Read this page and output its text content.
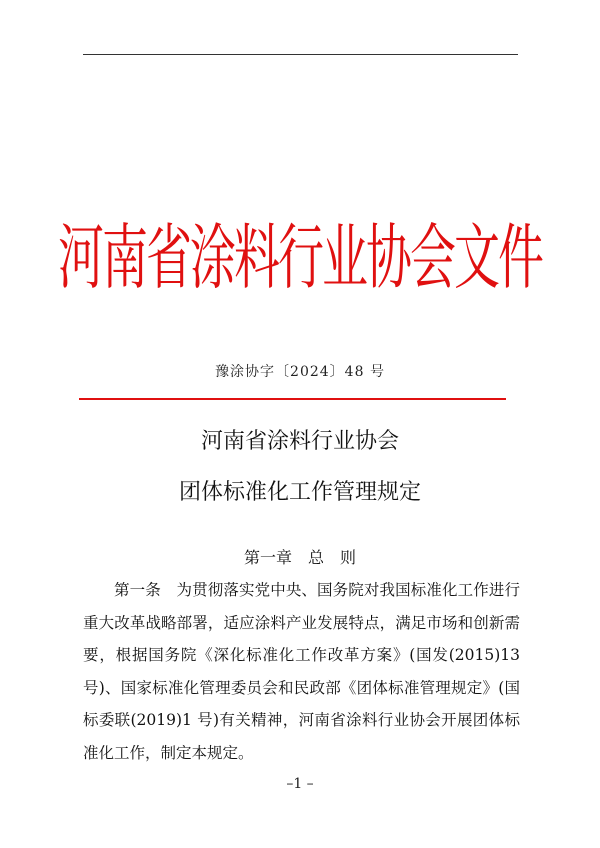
河南省涂料行业协会文件
豫涂协字〔2024〕48 号
河南省涂料行业协会
团体标准化工作管理规定
第一章　总　则

第一条　为贯彻落实党中央、国务院对我国标准化工作进行重大改革战略部署，适应涂料产业发展特点，满足市场和创新需要，根据国务院《深化标准化工作改革方案》(国发(2015)13号)、国家标准化管理委员会和民政部《团体标准管理规定》(国标委联(2019)1 号)有关精神，河南省涂料行业协会开展团体标准化工作，制定本规定。

–1 –
